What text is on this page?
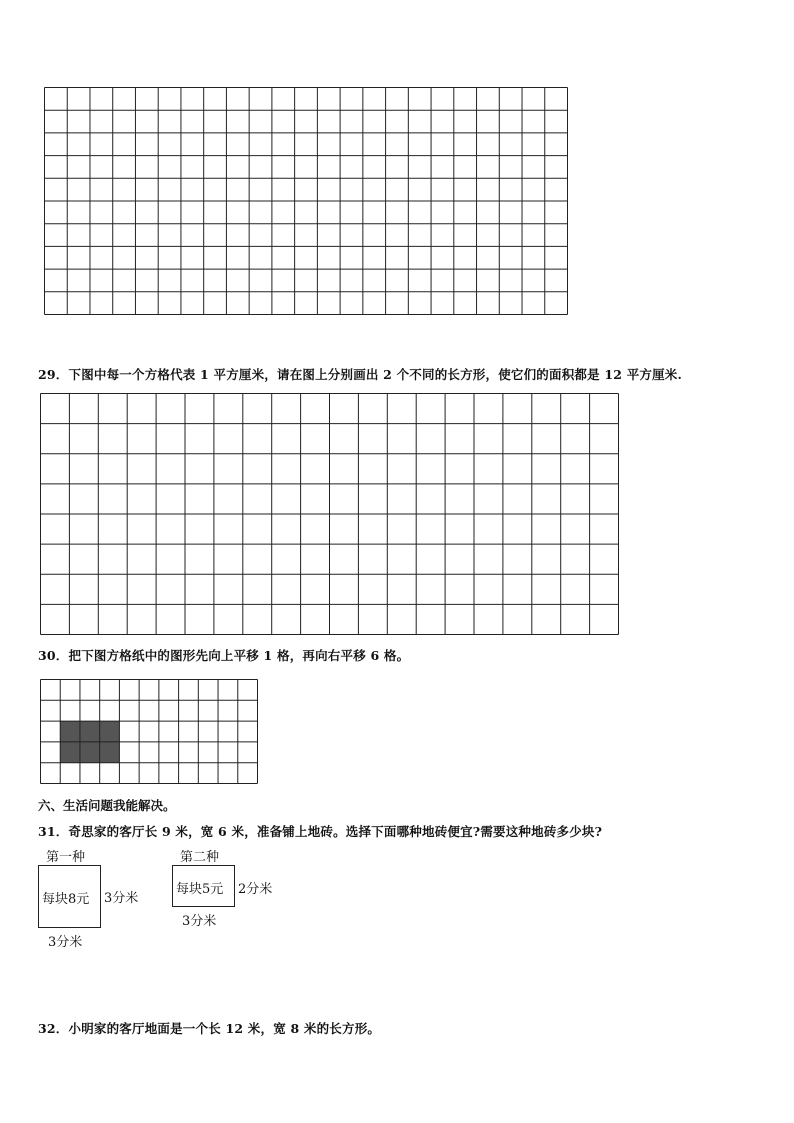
29．下图中每一个方格代表 1 平方厘米，请在图上分别画出 2 个不同的长方形，使它们的面积都是 12 平方厘米.
30．把下图方格纸中的图形先向上平移 1 格，再向右平移 6 格。
六、生活问题我能解决。
31．奇思家的客厅长 9 米，宽 6 米，准备铺上地砖。选择下面哪种地砖便宜?需要这种地砖多少块?
第一种
每块8元 3分米
3分米
第二种
每块5元 2分米
3分米
32．小明家的客厅地面是一个长 12 米，宽 8 米的长方形。
